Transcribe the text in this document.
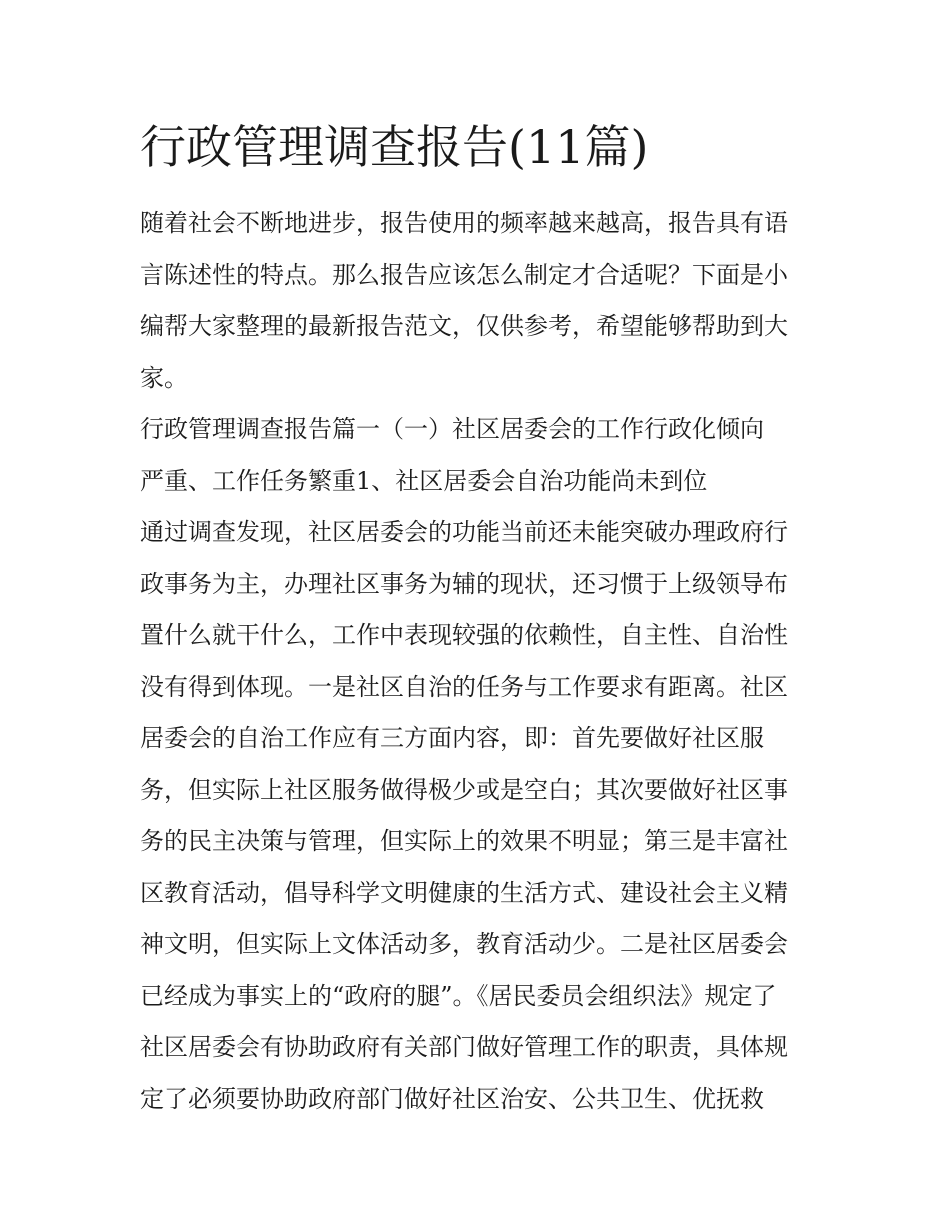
行政管理调查报告(11篇)
随着社会不断地进步，报告使用的频率越来越高，报告具有语
言陈述性的特点。那么报告应该怎么制定才合适呢？下面是小
编帮大家整理的最新报告范文，仅供参考，希望能够帮助到大
家。
行政管理调查报告篇一（一）社区居委会的工作行政化倾向
严重、工作任务繁重1、社区居委会自治功能尚未到位
通过调查发现，社区居委会的功能当前还未能突破办理政府行
政事务为主，办理社区事务为辅的现状，还习惯于上级领导布
置什么就干什么，工作中表现较强的依赖性，自主性、自治性
没有得到体现。一是社区自治的任务与工作要求有距离。社区
居委会的自治工作应有三方面内容，即：首先要做好社区服
务，但实际上社区服务做得极少或是空白；其次要做好社区事
务的民主决策与管理，但实际上的效果不明显；第三是丰富社
区教育活动，倡导科学文明健康的生活方式、建设社会主义精
神文明，但实际上文体活动多，教育活动少。二是社区居委会
已经成为事实上的“政府的腿”。《居民委员会组织法》规定了
社区居委会有协助政府有关部门做好管理工作的职责，具体规
定了必须要协助政府部门做好社区治安、公共卫生、优抚救
